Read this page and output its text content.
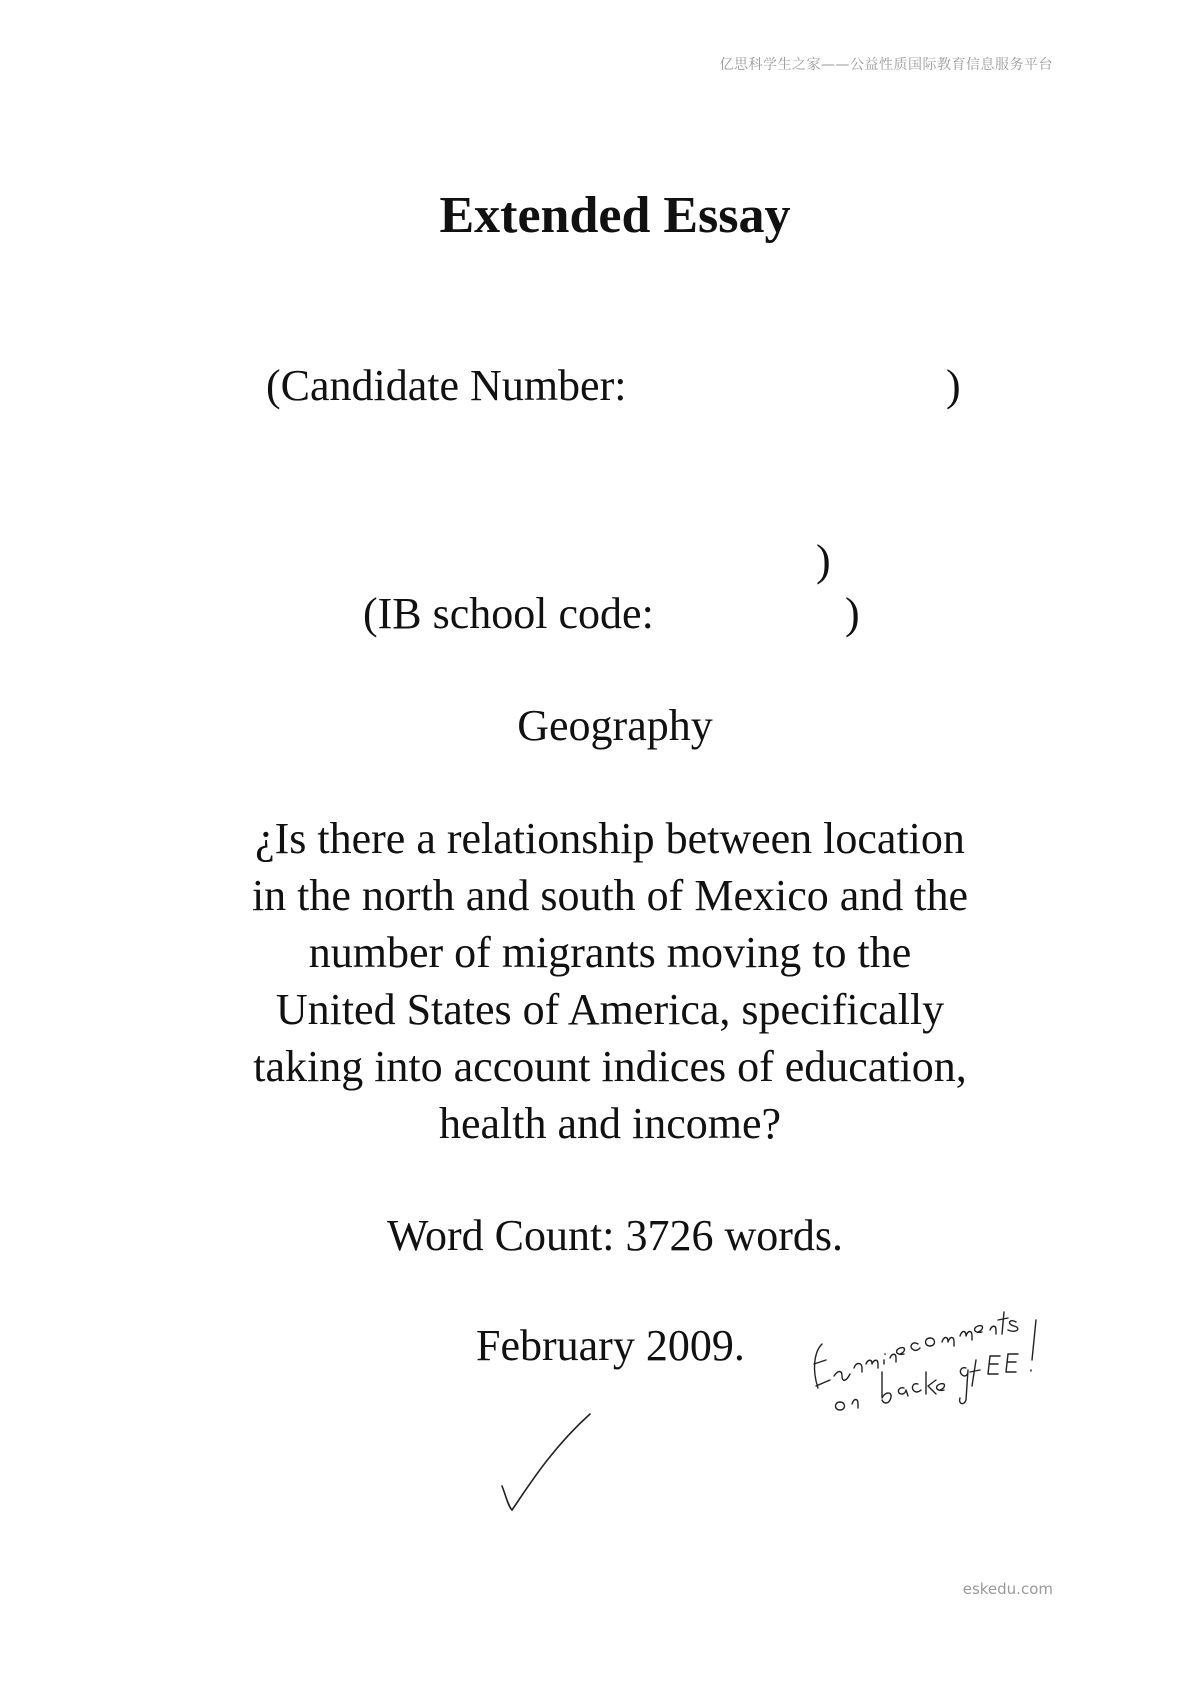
亿思科学生之家——公益性质国际教育信息服务平台
Extended Essay
(Candidate Number:	)
)
(IB school code:	)
Geography
¿Is there a relationship between location
in the north and south of Mexico and the
number of migrants moving to the
United States of America, specifically
taking into account indices of education,
health and income?
Word Count: 3726 words.
February 2009.
eskedu.com
